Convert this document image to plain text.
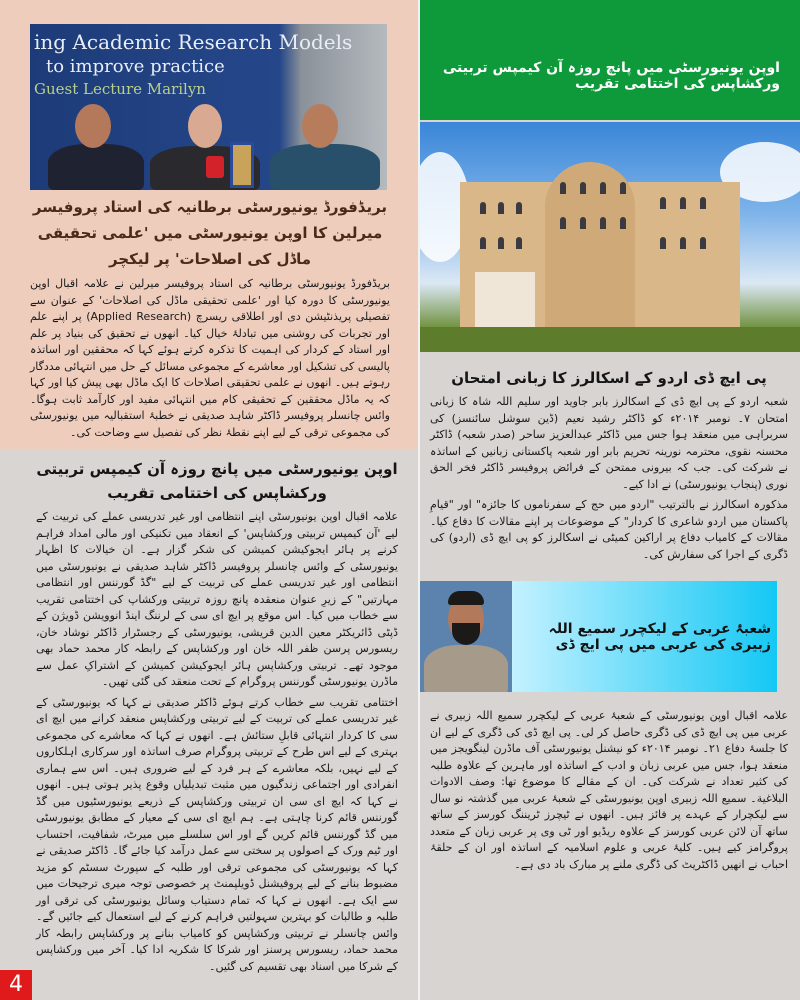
ing Academic Research Models
to improve practice
Guest Lecture Marilyn
بریڈفورڈ یونیورسٹی برطانیہ کی استاد پروفیسر میرلین کا اوپن یونیورسٹی میں 'علمی تحقیقی ماڈل کی اصلاحات' پر لیکچر
بریڈفورڈ یونیورسٹی برطانیہ کی استاد پروفیسر میرلین نے علامہ اقبال اوپن یونیورسٹی کا دورہ کیا اور 'علمی تحقیقی ماڈل کی اصلاحات' کے عنوان سے تفصیلی پریذنٹیشن دی اور اطلاقی ریسرچ (Applied Research) پر اپنے علم اور تجربات کی روشنی میں تبادلۂ خیال کیا۔ انھوں نے تحقیق کی بنیاد پر علم اور استاد کے کردار کی اہمیت کا تذکرہ کرتے ہوئے کہا کہ محققین اور اساتذہ پالیسی کی تشکیل اور معاشرے کے مجموعی مسائل کے حل میں انتہائی مددگار رہوتے ہیں۔ انھوں نے علمی تحقیقی اصلاحات کا ایک ماڈل بھی پیش کیا اور کہا کہ یہ ماڈل محققین کے تحقیقی کام میں انتہائی مفید اور کارآمد ثابت ہوگا۔ وائس چانسلر پروفیسر ڈاکٹر شاہد صدیقی نے خطبۂ استقبالیہ میں یونیورسٹی کی مجموعی ترقی کے لیے اپنے نقطۂ نظر کی تفصیل سے وضاحت کی۔
اوپن یونیورسٹی میں پانچ روزہ آن کیمپس تربیتی ورکشاپس کی اختتامی تقریب
علامہ اقبال اوپن یونیورسٹی اپنے انتظامی اور غیر تدریسی عملے کی تربیت کے لیے 'آن کیمپس تربیتی ورکشاپس' کے انعقاد میں تکنیکی اور مالی امداد فراہم کرنے پر ہائر ایجوکیشن کمیشن کی شکر گزار ہے۔ ان خیالات کا اظہار یونیورسٹی کے وائس چانسلر پروفیسر ڈاکٹر شاہد صدیقی نے یونیورسٹی میں انتظامی اور غیر تدریسی عملے کی تربیت کے لیے "گڈ گورننس اور انتظامی مہارتیں" کے زیرِ عنوان منعقدہ پانچ روزہ تربیتی ورکشاپ کی اختتامی تقریب سے خطاب میں کیا۔ اس موقع پر ایچ ای سی کے لرننگ اینڈ انوویشن ڈویژن کے ڈپٹی ڈائریکٹر معین الدین قریشی، یونیورسٹی کے رجسٹرار ڈاکٹر نوشاد خان، ریسورس پرسن ظفر اللہ خان اور ورکشاپس کے رابطہ کار محمد حماد بھی موجود تھے۔ تربیتی ورکشاپس ہائر ایجوکیشن کمیشن کے اشتراکِ عمل سے ماڈرن یونیورسٹی گورننس پروگرام کے تحت منعقد کی گئی تھیں۔
اختتامی تقریب سے خطاب کرتے ہوئے ڈاکٹر صدیقی نے کہا کہ یونیورسٹی کے غیر تدریسی عملے کی تربیت کے لیے تربیتی ورکشاپس منعقد کرانے میں ایچ ای سی کا کردار انتہائی قابلِ ستائش ہے۔ انھوں نے کہا کہ معاشرے کی مجموعی بہتری کے لیے اس طرح کے تربیتی پروگرام صرف اساتذہ اور سرکاری اہلکاروں کے لیے نہیں، بلکہ معاشرے کے ہر فرد کے لیے ضروری ہیں۔ اس سے ہماری انفرادی اور اجتماعی زندگیوں میں مثبت تبدیلیاں وقوع پذیر ہوتی ہیں۔ انھوں نے کہا کہ ایچ ای سی ان تربیتی ورکشاپس کے ذریعے یونیورسٹیوں میں گڈ گورننس قائم کرنا چاہتی ہے۔ ہم ایچ ای سی کے معیار کے مطابق یونیورسٹی میں گڈ گورننس قائم کریں گے اور اس سلسلے میں میرٹ، شفافیت، احتساب اور ٹیم ورک کے اصولوں پر سختی سے عمل درآمد کیا جائے گا۔ ڈاکٹر صدیقی نے کہا کہ یونیورسٹی کی مجموعی ترقی اور طلبہ کے سپورٹ سسٹم کو مزید مضبوط بنانے کے لیے پروفیشنل ڈویلپمنٹ پر خصوصی توجہ میری ترجیحات میں سے ایک ہے۔ انھوں نے کہا کہ تمام دستیاب وسائل یونیورسٹی کی ترقی اور طلبہ و طالبات کو بہترین سہولتیں فراہم کرنے کے لیے استعمال کیے جائیں گے۔ وائس چانسلر نے تربیتی ورکشاپس کو کامیاب بنانے پر ورکشاپس رابطہ کار محمد حماد، ریسورس پرسنز اور شرکا کا شکریہ ادا کیا۔ آخر میں ورکشاپس کے شرکا میں اسناد بھی تقسیم کی گئیں۔
اوپن یونیورسٹی میں پانچ روزہ آن کیمپس تربیتی ورکشاپس کی اختتامی تقریب
پی ایچ ڈی اردو کے اسکالرز کا زبانی امتحان
شعبہ اردو کے پی ایچ ڈی کے اسکالرز بابر جاوید اور سلیم اللہ شاہ کا زبانی امتحان ۷۔ نومبر ۲۰۱۴ء کو ڈاکٹر رشید نعیم (ڈین سوشل سائنسز) کی سربراہی میں منعقد ہوا جس میں ڈاکٹر عبدالعزیز ساحر (صدر شعبہ) ڈاکٹر محسنہ نقوی، محترمہ نورینہ تحریم بابر اور شعبہ پاکستانی زبانیں کے اساتذہ نے شرکت کی۔ جب کہ بیرونی ممتحن کے فرائض پروفیسر ڈاکٹر فخر الحق نوری (پنجاب یونیورسٹی) نے ادا کیے۔
مذکورہ اسکالرز نے بالترتیب "اردو میں حج کے سفرناموں کا جائزہ" اور "قیامِ پاکستان میں اردو شاعری کا کردار" کے موضوعات پر اپنے مقالات کا دفاع کیا۔ مقالات کے کامیاب دفاع پر اراکین کمیٹی نے اسکالرز کو پی ایچ ڈی (اردو) کی ڈگری کے اجرا کی سفارش کی۔
شعبۂ عربی کے لیکچرر سمیع اللہ زبیری کی عربی میں پی ایچ ڈی
علامہ اقبال اوپن یونیورسٹی کے شعبۂ عربی کے لیکچرر سمیع اللہ زبیری نے عربی میں پی ایچ ڈی کی ڈگری حاصل کر لی۔ پی ایچ ڈی کی ڈگری کے لیے ان کا جلسۂ دفاع ۲۱۔ نومبر ۲۰۱۴ء کو نیشنل یونیورسٹی آف ماڈرن لینگویجز میں منعقد ہوا، جس میں عربی زبان و ادب کے اساتذہ اور ماہرین کے علاوہ طلبہ کی کثیر تعداد نے شرکت کی۔ ان کے مقالے کا موضوع تھا: وصف الادوات البلاغية۔ سمیع اللہ زبیری اوپن یونیورسٹی کے شعبۂ عربی میں گذشتہ نو سال سے لیکچرار کے عہدے پر فائز ہیں۔ انھوں نے ٹیچرز ٹریننگ کورسز کے ساتھ ساتھ آن لائن عربی کورسز کے علاوہ ریڈیو اور ٹی وی پر عربی زبان کے متعدد پروگرامز کیے ہیں۔ کلیۂ عربی و علوم اسلامیہ کے اساتذہ اور ان کے حلقۂ احباب نے انھیں ڈاکٹریٹ کی ڈگری ملنے پر مبارک باد دی ہے۔
4
